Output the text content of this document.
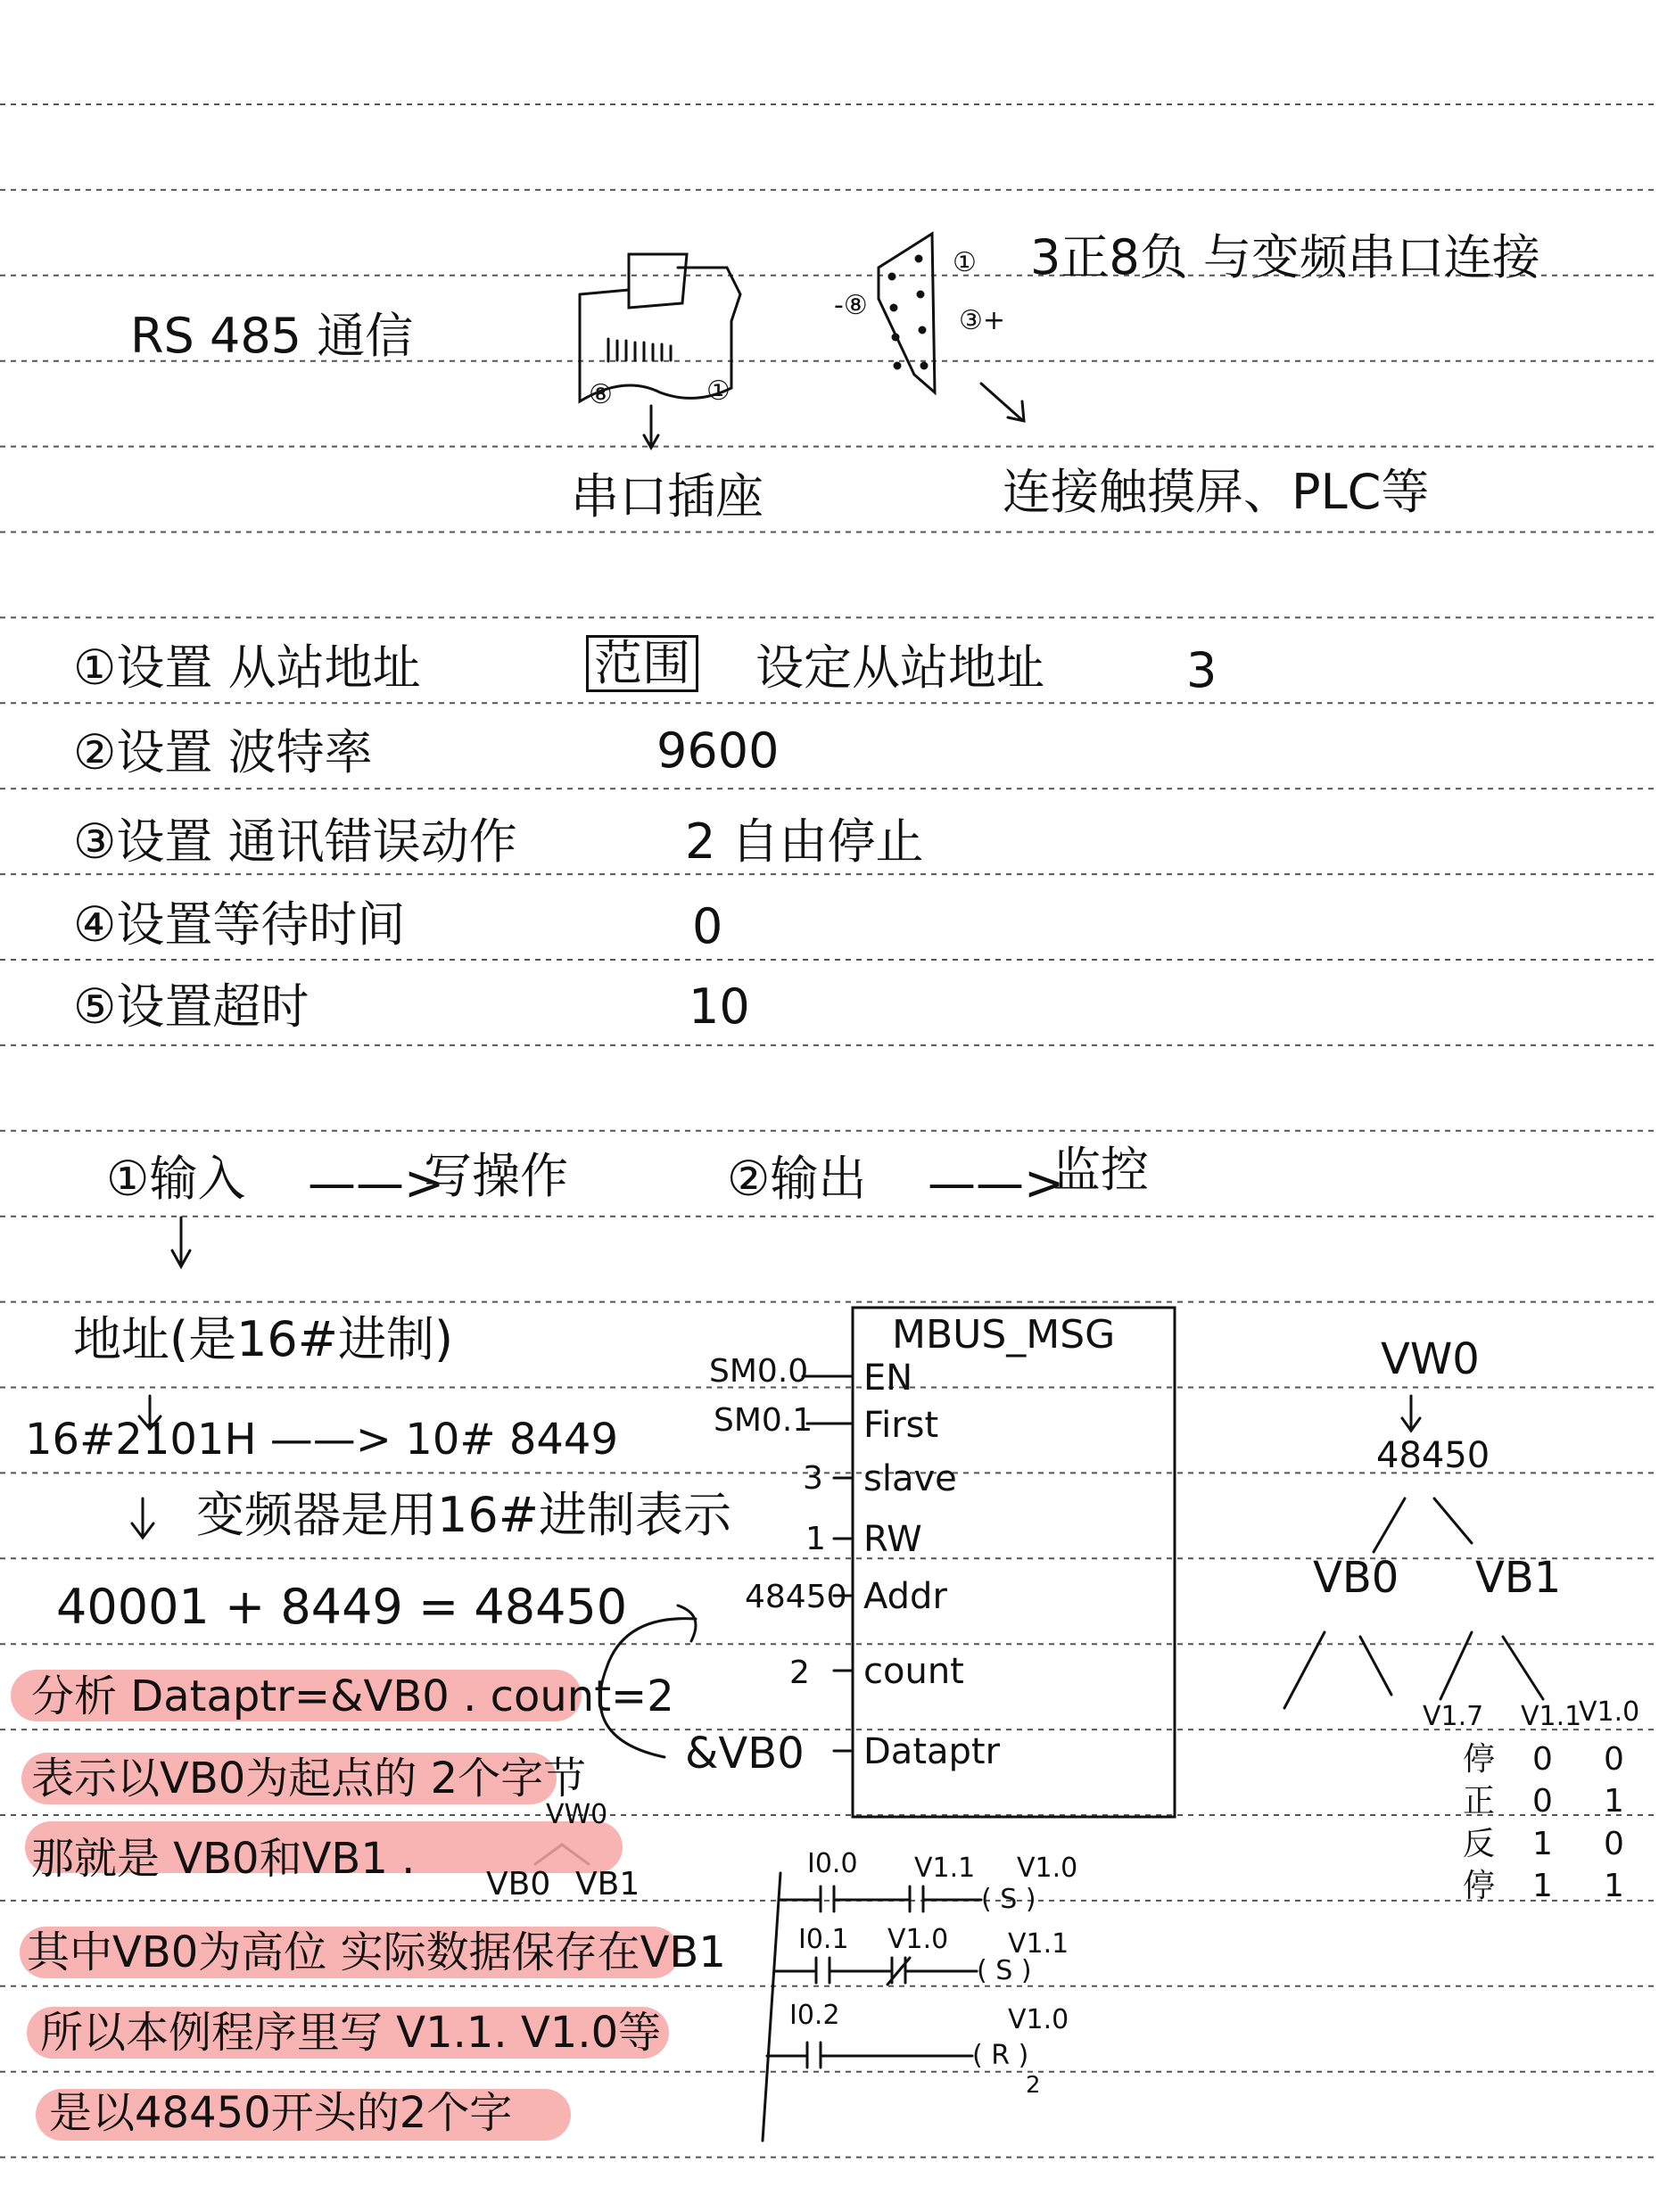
RS 485 通信
⑧	①
①
-⑧	③+
3正8负 与变频串口连接
串口插座	连接触摸屏、PLC等
①设置 从站地址	范围 设定从站地址	3
②设置 波特率	9600
③设置 通讯错误动作	2 自由停止
④设置等待时间	0
⑤设置超时	10
①输入 ——>
写操作	②输出 ——>
监控
地址(是16#进制)
16#2101H ——> 10# 8449
变频器是用16#进制表示
40001 + 8449 = 48450
分析 Dataptr=&VB0 . count=2
表示以VB0为起点的 2个字节
那就是 VB0和VB1 .
其中VB0为高位 实际数据保存在VB1
所以本例程序里写 V1.1. V1.0等
是以48450开头的2个字
VW0
VB0 VB1
&VB0
MBUS_MSG
EN
First
slave
RW
Addr
count
Dataptr
SM0.0
SM0.1
3
1
48450
2
VW0
48450
VB0 VB1
V1.7 V1.1
V1.0
停 0 0
正 0 1
反 1 0
停 1 1
I0.0 V1.1 V1.0
( S )
I0.1 V1.0 V1.1
( S )
I0.2	V1.0
( R )
2
